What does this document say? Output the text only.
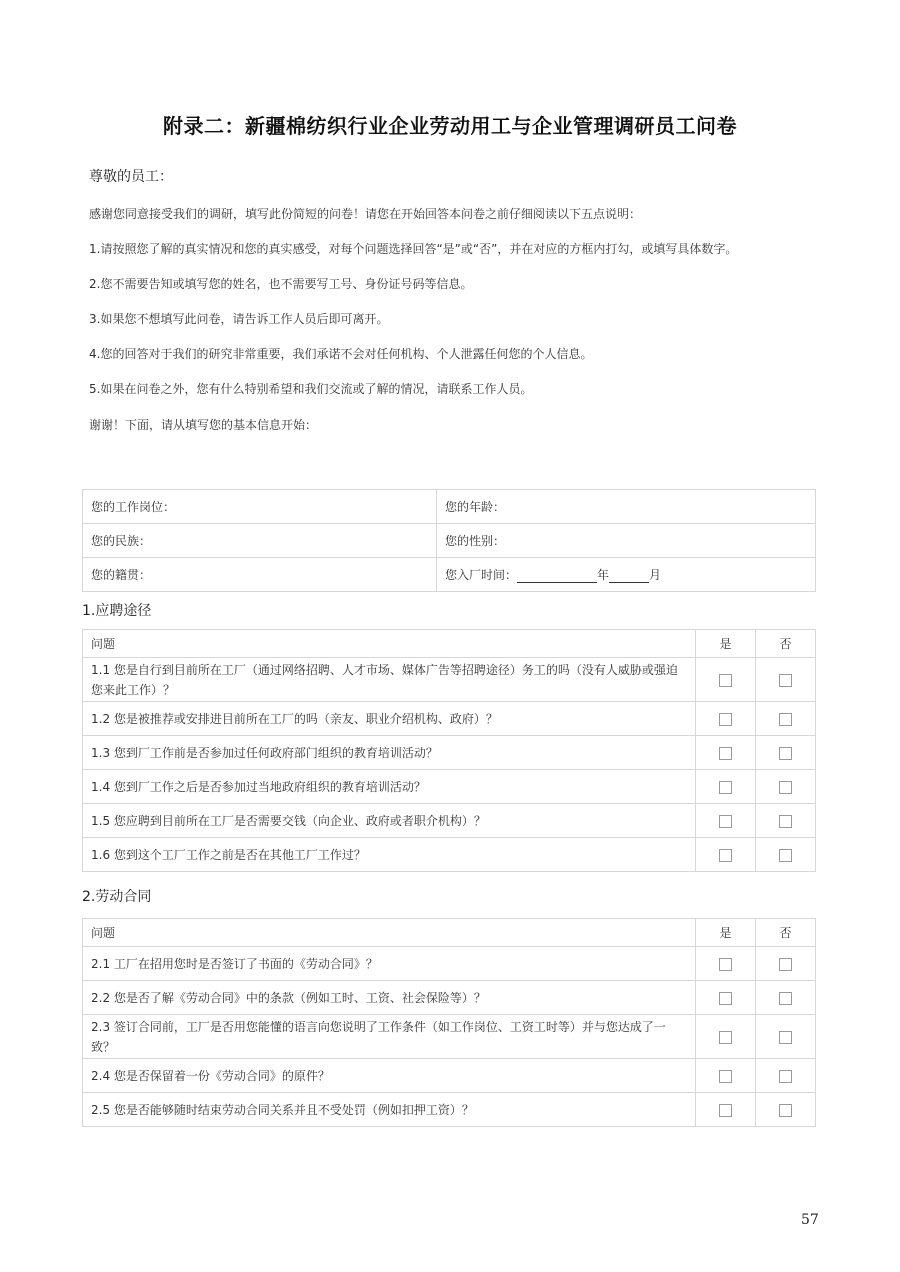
附录二：新疆棉纺织行业企业劳动用工与企业管理调研员工问卷
尊敬的员工：
感谢您同意接受我们的调研，填写此份简短的问卷！请您在开始回答本问卷之前仔细阅读以下五点说明：
1.请按照您了解的真实情况和您的真实感受，对每个问题选择回答“是”或“否”，并在对应的方框内打勾，或填写具体数字。
2.您不需要告知或填写您的姓名，也不需要写工号、身份证号码等信息。
3.如果您不想填写此问卷，请告诉工作人员后即可离开。
4.您的回答对于我们的研究非常重要，我们承诺不会对任何机构、个人泄露任何您的个人信息。
5.如果在问卷之外，您有什么特别希望和我们交流或了解的情况，请联系工作人员。
谢谢！下面，请从填写您的基本信息开始：
您的工作岗位：	您的年龄：
您的民族：	您的性别：
您的籍贯：	您入厂时间： 年 月
1.应聘途径
问题	是	否
1.1 您是自行到目前所在工厂（通过网络招聘、人才市场、媒体广告等招聘途径）务工的吗（没有人威胁或强迫您来此工作）？		
1.2 您是被推荐或安排进目前所在工厂的吗（亲友、职业介绍机构、政府）？		
1.3 您到厂工作前是否参加过任何政府部门组织的教育培训活动？		
1.4 您到厂工作之后是否参加过当地政府组织的教育培训活动？		
1.5 您应聘到目前所在工厂是否需要交钱（向企业、政府或者职介机构）？		
1.6 您到这个工厂工作之前是否在其他工厂工作过？		
2.劳动合同
问题	是	否
2.1 工厂在招用您时是否签订了书面的《劳动合同》？		
2.2 您是否了解《劳动合同》中的条款（例如工时、工资、社会保险等）？		
2.3 签订合同前，工厂是否用您能懂的语言向您说明了工作条件（如工作岗位、工资工时等）并与您达成了一致？		
2.4 您是否保留着一份《劳动合同》的原件？		
2.5 您是否能够随时结束劳动合同关系并且不受处罚（例如扣押工资）？		
57
